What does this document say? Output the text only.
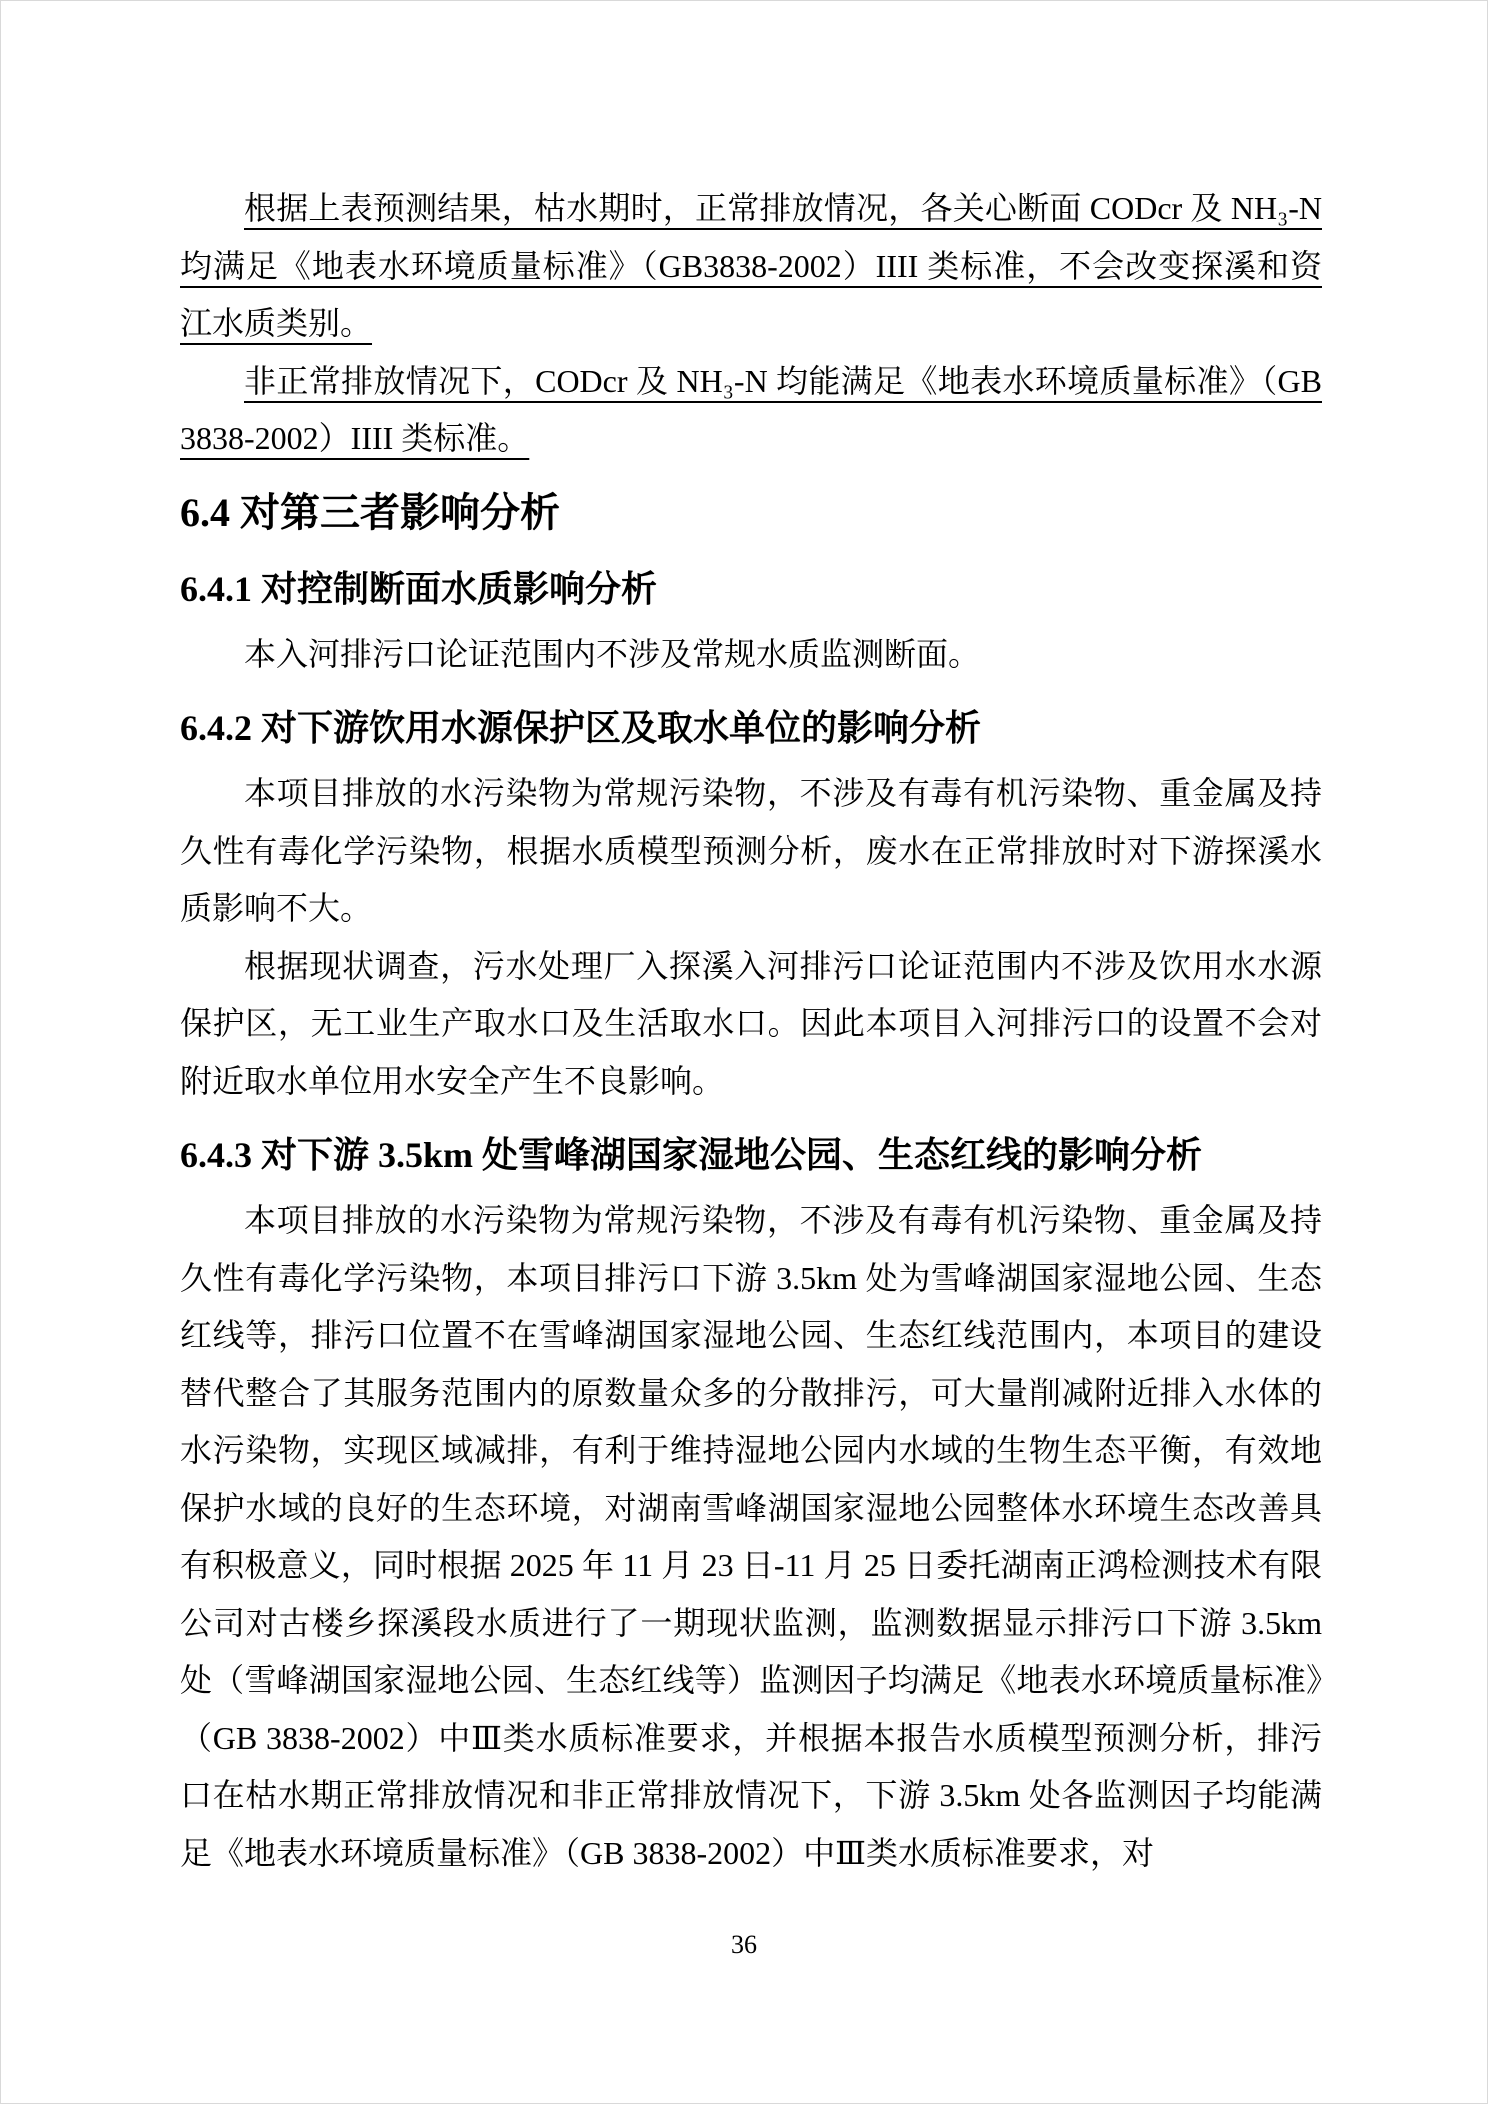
根据上表预测结果，枯水期时，正常排放情况，各关心断面 CODcr 及 NH₃-N 均满足《地表水环境质量标准》（GB3838-2002）IIII 类标准，不会改变探溪和资江水质类别。

非正常排放情况下，CODcr 及 NH₃-N 均能满足《地表水环境质量标准》（GB3838-2002）IIII 类标准。

6.4 对第三者影响分析
6.4.1 对控制断面水质影响分析

本入河排污口论证范围内不涉及常规水质监测断面。

6.4.2 对下游饮用水源保护区及取水单位的影响分析

本项目排放的水污染物为常规污染物，不涉及有毒有机污染物、重金属及持久性有毒化学污染物，根据水质模型预测分析，废水在正常排放时对下游探溪水质影响不大。

根据现状调查，污水处理厂入探溪入河排污口论证范围内不涉及饮用水水源保护区，无工业生产取水口及生活取水口。因此本项目入河排污口的设置不会对附近取水单位用水安全产生不良影响。

6.4.3 对下游 3.5km 处雪峰湖国家湿地公园、生态红线的影响分析

本项目排放的水污染物为常规污染物，不涉及有毒有机污染物、重金属及持久性有毒化学污染物，本项目排污口下游 3.5km 处为雪峰湖国家湿地公园、生态红线等，排污口位置不在雪峰湖国家湿地公园、生态红线范围内，本项目的建设替代整合了其服务范围内的原数量众多的分散排污，可大量削减附近排入水体的水污染物，实现区域减排，有利于维持湿地公园内水域的生物生态平衡，有效地保护水域的良好的生态环境，对湖南雪峰湖国家湿地公园整体水环境生态改善具有积极意义，同时根据 2025 年 11 月 23 日-11 月 25 日委托湖南正鸿检测技术有限公司对古楼乡探溪段水质进行了一期现状监测，监测数据显示排污口下游 3.5km 处（雪峰湖国家湿地公园、生态红线等）监测因子均满足《地表水环境质量标准》（GB 3838-2002）中Ⅲ类水质标准要求，并根据本报告水质模型预测分析，排污口在枯水期正常排放情况和非正常排放情况下，下游 3.5km 处各监测因子均能满足《地表水环境质量标准》（GB 3838-2002）中Ⅲ类水质标准要求，对

36
